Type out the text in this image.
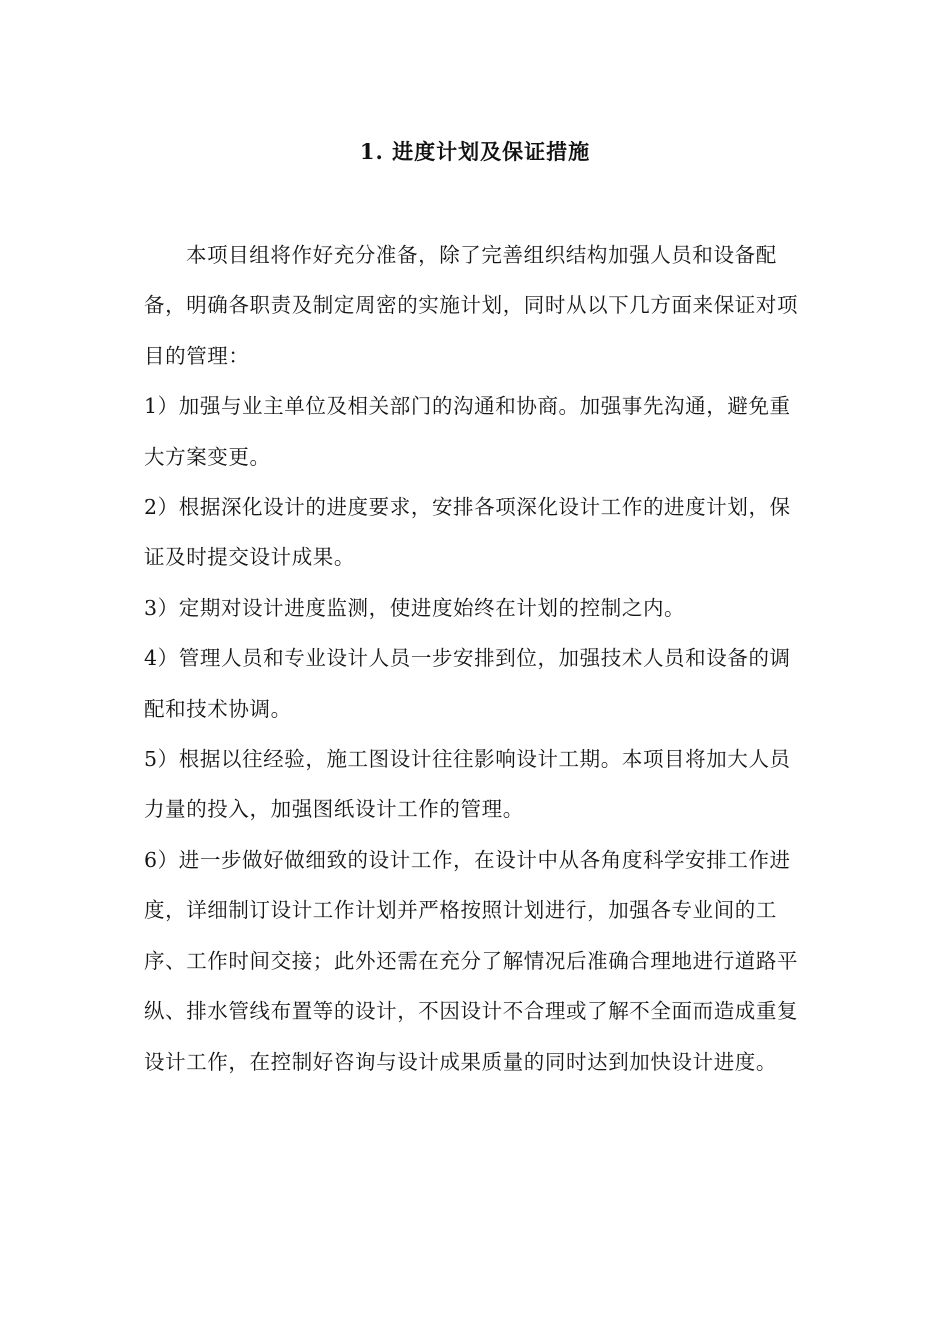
1. 进度计划及保证措施

本项目组将作好充分准备，除了完善组织结构加强人员和设备配备，明确各职责及制定周密的实施计划，同时从以下几方面来保证对项目的管理：

1）加强与业主单位及相关部门的沟通和协商。加强事先沟通，避免重大方案变更。

2）根据深化设计的进度要求，安排各项深化设计工作的进度计划，保证及时提交设计成果。

3）定期对设计进度监测，使进度始终在计划的控制之内。

4）管理人员和专业设计人员一步安排到位，加强技术人员和设备的调配和技术协调。

5）根据以往经验，施工图设计往往影响设计工期。本项目将加大人员力量的投入，加强图纸设计工作的管理。

6）进一步做好做细致的设计工作，在设计中从各角度科学安排工作进度，详细制订设计工作计划并严格按照计划进行，加强各专业间的工序、工作时间交接；此外还需在充分了解情况后准确合理地进行道路平纵、排水管线布置等的设计，不因设计不合理或了解不全面而造成重复设计工作，在控制好咨询与设计成果质量的同时达到加快设计进度。
